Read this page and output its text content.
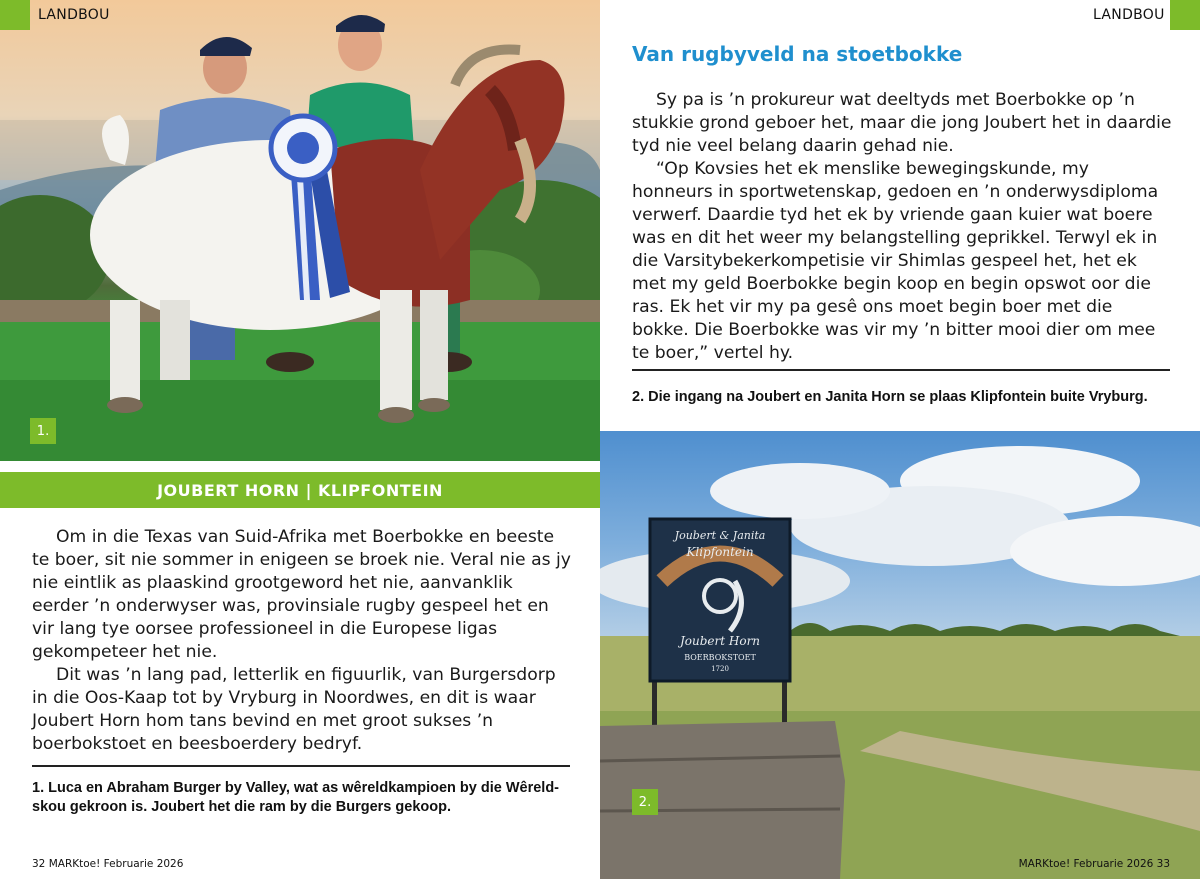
1.
LANDBOU
JOUBERT HORN | KLIPFONTEIN

Om in die Texas van Suid-Afrika met Boerbokke en beeste te boer, sit nie sommer in enigeen se broek nie. Veral nie as jy nie eintlik as plaaskind grootgeword het nie, aanvanklik eerder ’n onderwyser was, provinsiale rugby gespeel het en vir lang tye oorsee professioneel in die Europese ligas gekompeteer het nie.

Dit was ’n lang pad, letterlik en figuurlik, van Burgersdorp in die Oos-Kaap tot by Vryburg in Noordwes, en dit is waar Joubert Horn hom tans bevind en met groot sukses ’n boerbokstoet en beesboerdery bedryf.

1. Luca en Abraham Burger by Valley, wat as wêreldkampioen by die Wêreld-skou gekroon is. Joubert het die ram by die Burgers gekoop.
32 MARKtoe! Februarie 2026
LANDBOU
Van rugbyveld na stoetbokke

Sy pa is ’n prokureur wat deeltyds met Boerbokke op ’n stukkie grond geboer het, maar die jong Joubert het in daardie tyd nie veel belang daarin gehad nie.

“Op Kovsies het ek menslike bewegingskunde, my honneurs in sportwetenskap, gedoen en ’n onderwysdiploma verwerf. Daardie tyd het ek by vriende gaan kuier wat boere was en dit het weer my belangstelling geprikkel. Terwyl ek in die Varsitybekerkompetisie vir Shimlas gespeel het, het ek met my geld Boerbokke begin koop en begin opswot oor die ras. Ek het vir my pa gesê ons moet begin boer met die bokke. Die Boerbokke was vir my ’n bitter mooi dier om mee te boer,” vertel hy.

2. Die ingang na Joubert en Janita Horn se plaas Klipfontein buite Vryburg.
Joubert & Janita
Klipfontein
Joubert Horn
BOERBOKSTOET
1720
2.
MARKtoe! Februarie 2026 33
